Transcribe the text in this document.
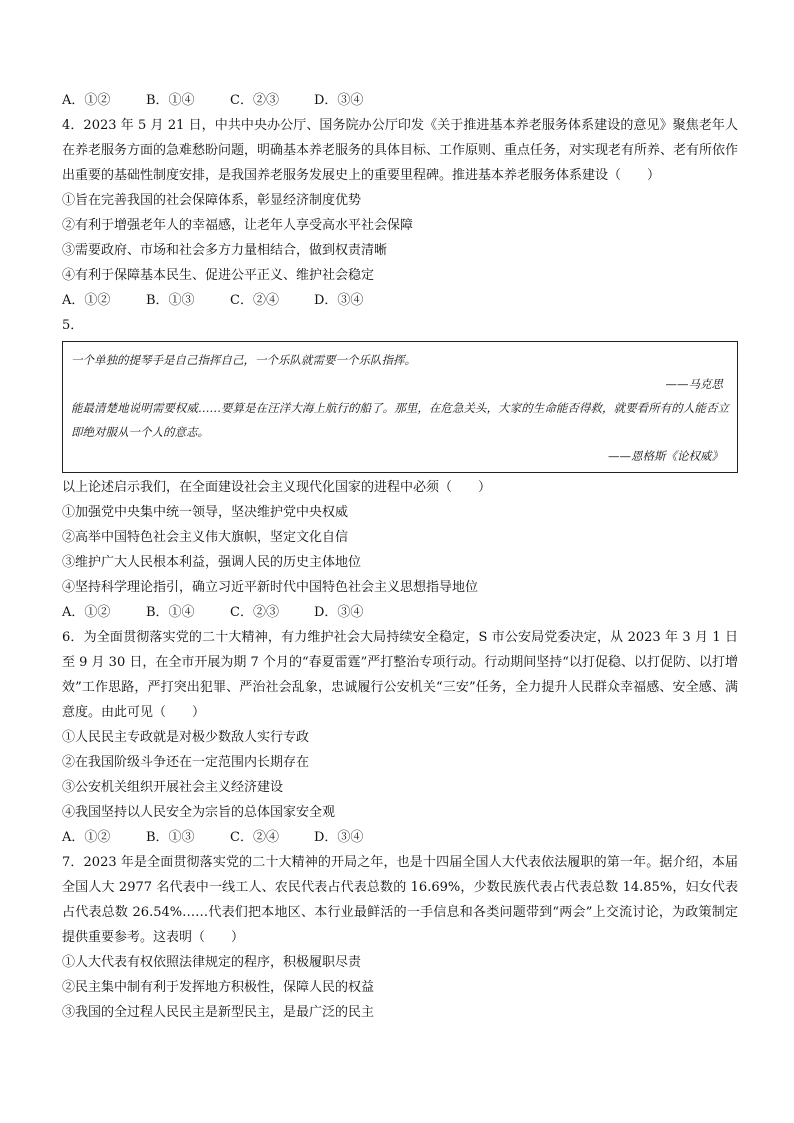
A．①②	B．①④	C．②③	D．③④
4．2023 年 5 月 21 日，中共中央办公厅、国务院办公厅印发《关于推进基本养老服务体系建设的意见》聚焦老年人在养老服务方面的急难愁盼问题，明确基本养老服务的具体目标、工作原则、重点任务，对实现老有所养、老有所依作出重要的基础性制度安排，是我国养老服务发展史上的重要里程碑。推进基本养老服务体系建设（　　）
①旨在完善我国的社会保障体系，彰显经济制度优势
②有利于增强老年人的幸福感，让老年人享受高水平社会保障
③需要政府、市场和社会多方力量相结合，做到权责清晰
④有利于保障基本民生、促进公平正义、维护社会稳定
A．①②	B．①③	C．②④	D．③④
5．
一个单独的提琴手是自己指挥自己，一个乐队就需要一个乐队指挥。
——马克思
能最清楚地说明需要权威……要算是在汪洋大海上航行的船了。那里，在危急关头，大家的生命能否得救，就要看所有的人能否立即绝对服从一个人的意志。
——恩格斯《论权威》
以上论述启示我们，在全面建设社会主义现代化国家的进程中必须（　　）
①加强党中央集中统一领导，坚决维护党中央权威
②高举中国特色社会主义伟大旗帜，坚定文化自信
③维护广大人民根本利益，强调人民的历史主体地位
④坚持科学理论指引，确立习近平新时代中国特色社会主义思想指导地位
A．①②	B．①④	C．②③	D．③④
6．为全面贯彻落实党的二十大精神，有力维护社会大局持续安全稳定，S 市公安局党委决定，从 2023 年 3 月 1 日至 9 月 30 日，在全市开展为期 7 个月的“春夏雷霆”严打整治专项行动。行动期间坚持“以打促稳、以打促防、以打增效”工作思路，严打突出犯罪、严治社会乱象，忠诚履行公安机关“三安”任务，全力提升人民群众幸福感、安全感、满意度。由此可见（　　）
①人民民主专政就是对极少数敌人实行专政
②在我国阶级斗争还在一定范围内长期存在
③公安机关组织开展社会主义经济建设
④我国坚持以人民安全为宗旨的总体国家安全观
A．①②	B．①③	C．②④	D．③④
7．2023 年是全面贯彻落实党的二十大精神的开局之年，也是十四届全国人大代表依法履职的第一年。据介绍，本届全国人大 2977 名代表中一线工人、农民代表占代表总数的 16.69%，少数民族代表占代表总数 14.85%，妇女代表占代表总数 26.54%……代表们把本地区、本行业最鲜活的一手信息和各类问题带到“两会”上交流讨论，为政策制定提供重要参考。这表明（　　）
①人大代表有权依照法律规定的程序，积极履职尽责
②民主集中制有利于发挥地方积极性，保障人民的权益
③我国的全过程人民民主是新型民主，是最广泛的民主
